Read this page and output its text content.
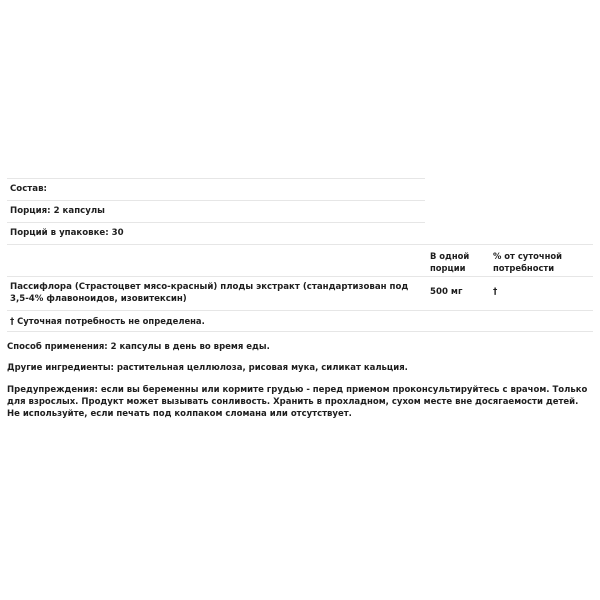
Состав:
Порция: 2 капсулы
Порций в упаковке: 30
В одной порции
% от суточной потребности
Пассифлора (Страстоцвет мясо-красный) плоды экстракт (стандартизован под 3,5-4% флавоноидов, изовитексин)
500 мг	†
† Суточная потребность не определена.
Способ применения: 2 капсулы в день во время еды.
Другие ингредиенты: растительная целлюлоза, рисовая мука, силикат кальция.
Предупреждения: если вы беременны или кормите грудью - перед приемом проконсультируйтесь с врачом. Только для взрослых. Продукт может вызывать сонливость. Хранить в прохладном, сухом месте вне досягаемости детей. Не используйте, если печать под колпаком сломана или отсутствует.
